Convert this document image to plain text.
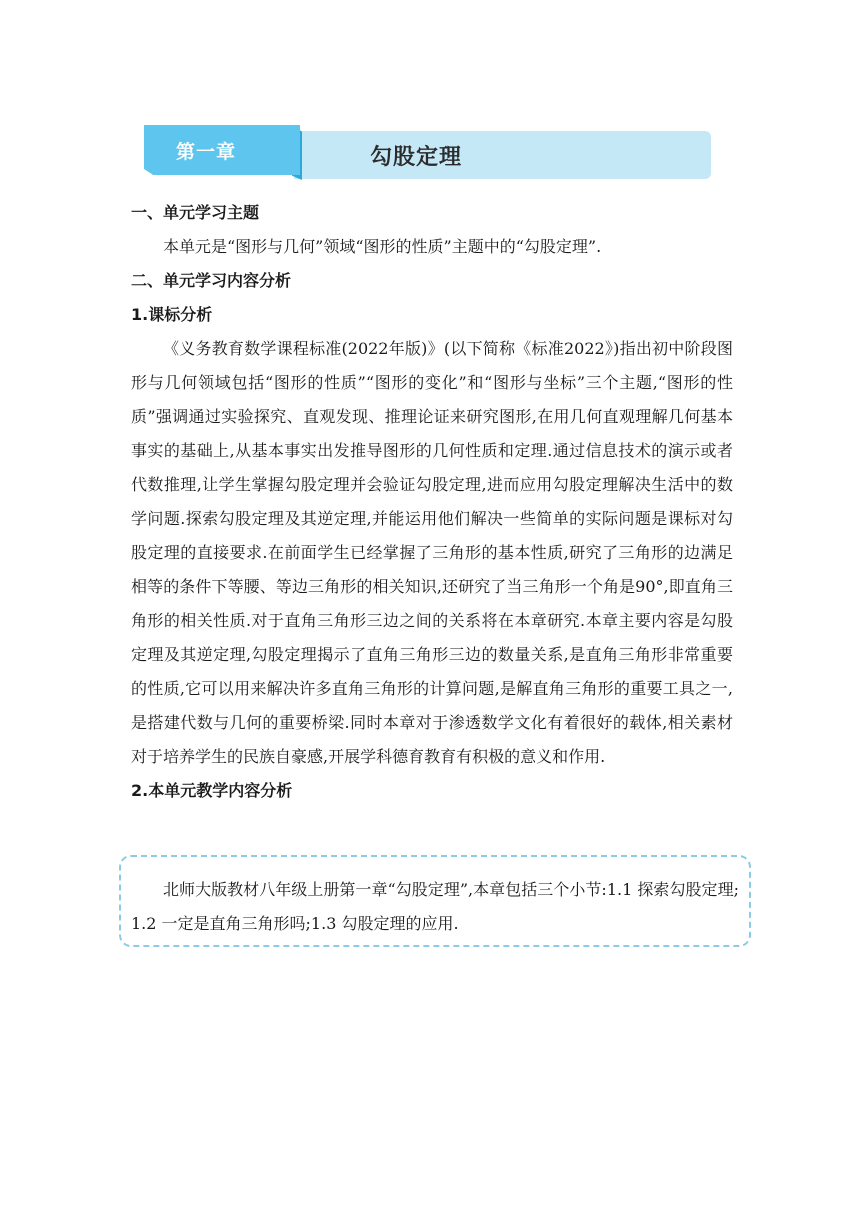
第一章	勾股定理

一、单元学习主题

本单元是“图形与几何”领域“图形的性质”主题中的“勾股定理”.

二、单元学习内容分析

1.课标分析

《义务教育数学课程标准(2022年版)》(以下简称《标准2022》)指出初中阶段图形与几何领域包括“图形的性质”“图形的变化”和“图形与坐标”三个主题,“图形的性质”强调通过实验探究、直观发现、推理论证来研究图形,在用几何直观理解几何基本事实的基础上,从基本事实出发推导图形的几何性质和定理.通过信息技术的演示或者代数推理,让学生掌握勾股定理并会验证勾股定理,进而应用勾股定理解决生活中的数学问题.探索勾股定理及其逆定理,并能运用他们解决一些简单的实际问题是课标对勾股定理的直接要求.在前面学生已经掌握了三角形的基本性质,研究了三角形的边满足相等的条件下等腰、等边三角形的相关知识,还研究了当三角形一个角是90°,即直角三角形的相关性质.对于直角三角形三边之间的关系将在本章研究.本章主要内容是勾股定理及其逆定理,勾股定理揭示了直角三角形三边的数量关系,是直角三角形非常重要的性质,它可以用来解决许多直角三角形的计算问题,是解直角三角形的重要工具之一,是搭建代数与几何的重要桥梁.同时本章对于渗透数学文化有着很好的载体,相关素材对于培养学生的民族自豪感,开展学科德育教育有积极的意义和作用.

2.本单元教学内容分析

北师大版教材八年级上册第一章“勾股定理”,本章包括三个小节:1.1 探索勾股定理;1.2 一定是直角三角形吗;1.3 勾股定理的应用.
